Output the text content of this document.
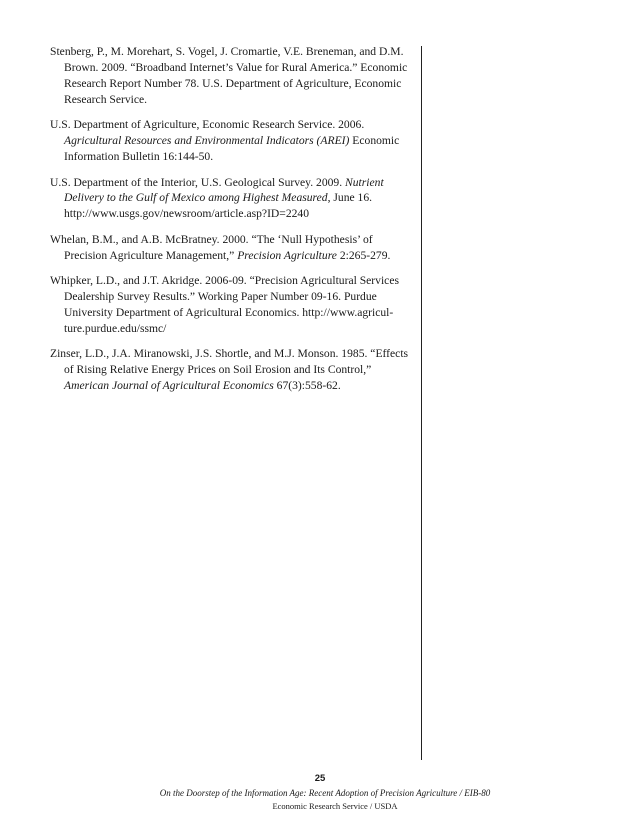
Stenberg, P., M. Morehart, S. Vogel, J. Cromartie, V.E. Breneman, and D.M. Brown. 2009. “Broadband Internet’s Value for Rural America.” Economic Research Report Number 78. U.S. Department of Agriculture, Economic Research Service.

U.S. Department of Agriculture, Economic Research Service. 2006. Agricultural Resources and Environmental Indicators (AREI) Economic Information Bulletin 16:144-50.

U.S. Department of the Interior, U.S. Geological Survey. 2009. Nutrient Delivery to the Gulf of Mexico among Highest Measured, June 16. http://www.usgs.gov/newsroom/article.asp?ID=2240

Whelan, B.M., and A.B. McBratney. 2000. “The ‘Null Hypothesis’ of Precision Agriculture Management,” Precision Agriculture 2:265-279.

Whipker, L.D., and J.T. Akridge. 2006-09. “Precision Agricultural Services Dealership Survey Results.” Working Paper Number 09-16. Purdue University Department of Agricultural Economics. http://www.agricul-ture.purdue.edu/ssmc/

Zinser, L.D., J.A. Miranowski, J.S. Shortle, and M.J. Monson. 1985. “Effects of Rising Relative Energy Prices on Soil Erosion and Its Control,” American Journal of Agricultural Economics 67(3):558-62.

25
On the Doorstep of the Information Age: Recent Adoption of Precision Agriculture / EIB-80
Economic Research Service / USDA
